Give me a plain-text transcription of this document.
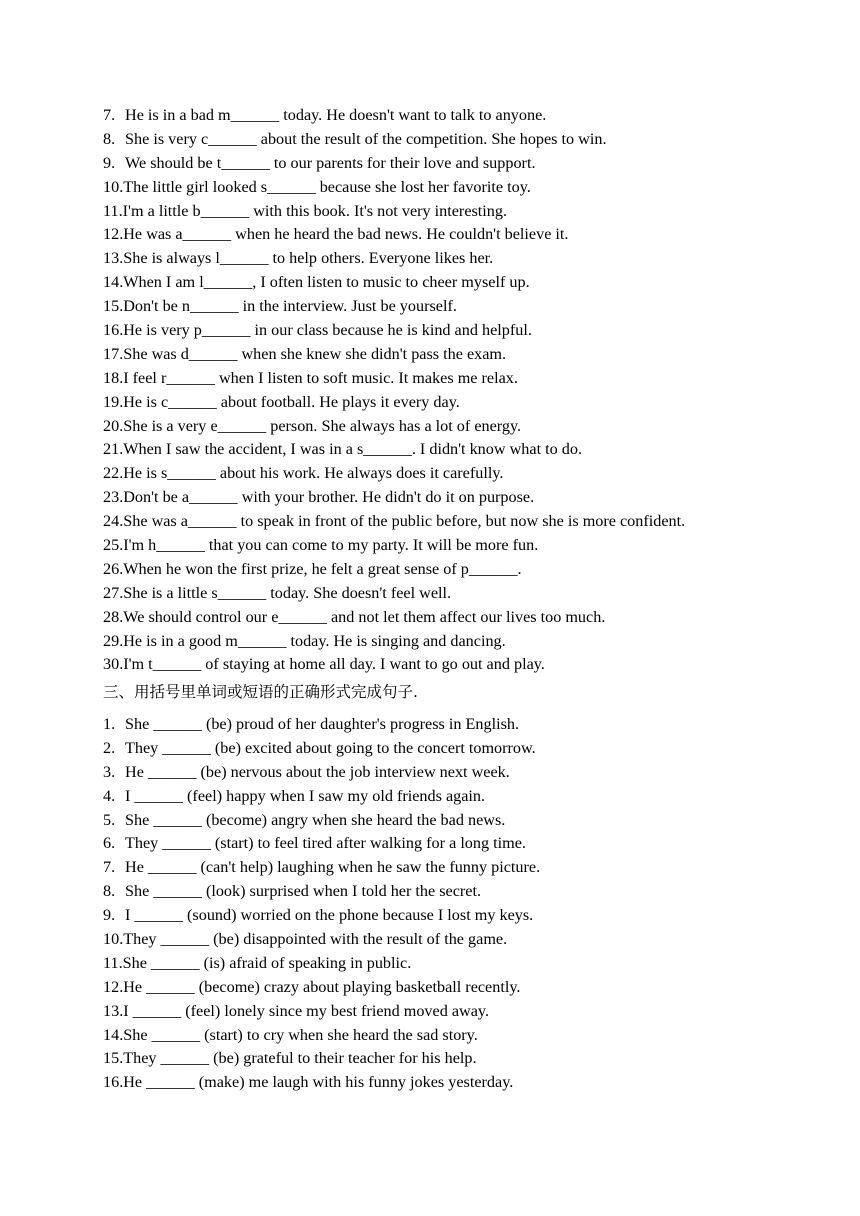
7. He is in a bad m______ today. He doesn't want to talk to anyone.
8. She is very c______ about the result of the competition. She hopes to win.
9. We should be t______ to our parents for their love and support.
10.The little girl looked s______ because she lost her favorite toy.
11.I'm a little b______ with this book. It's not very interesting.
12.He was a______ when he heard the bad news. He couldn't believe it.
13.She is always l______ to help others. Everyone likes her.
14.When I am l______, I often listen to music to cheer myself up.
15.Don't be n______ in the interview. Just be yourself.
16.He is very p______ in our class because he is kind and helpful.
17.She was d______ when she knew she didn't pass the exam.
18.I feel r______ when I listen to soft music. It makes me relax.
19.He is c______ about football. He plays it every day.
20.She is a very e______ person. She always has a lot of energy.
21.When I saw the accident, I was in a s______. I didn't know what to do.
22.He is s______ about his work. He always does it carefully.
23.Don't be a______ with your brother. He didn't do it on purpose.
24.She was a______ to speak in front of the public before, but now she is more confident.
25.I'm h______ that you can come to my party. It will be more fun.
26.When he won the first prize, he felt a great sense of p______.
27.She is a little s______ today. She doesn't feel well.
28.We should control our e______ and not let them affect our lives too much.
29.He is in a good m______ today. He is singing and dancing.
30.I'm t______ of staying at home all day. I want to go out and play.
三、用括号里单词或短语的正确形式完成句子.
1. She ______ (be) proud of her daughter's progress in English.
2. They ______ (be) excited about going to the concert tomorrow.
3. He ______ (be) nervous about the job interview next week.
4. I ______ (feel) happy when I saw my old friends again.
5. She ______ (become) angry when she heard the bad news.
6. They ______ (start) to feel tired after walking for a long time.
7. He ______ (can't help) laughing when he saw the funny picture.
8. She ______ (look) surprised when I told her the secret.
9. I ______ (sound) worried on the phone because I lost my keys.
10.They ______ (be) disappointed with the result of the game.
11.She ______ (is) afraid of speaking in public.
12.He ______ (become) crazy about playing basketball recently.
13.I ______ (feel) lonely since my best friend moved away.
14.She ______ (start) to cry when she heard the sad story.
15.They ______ (be) grateful to their teacher for his help.
16.He ______ (make) me laugh with his funny jokes yesterday.
